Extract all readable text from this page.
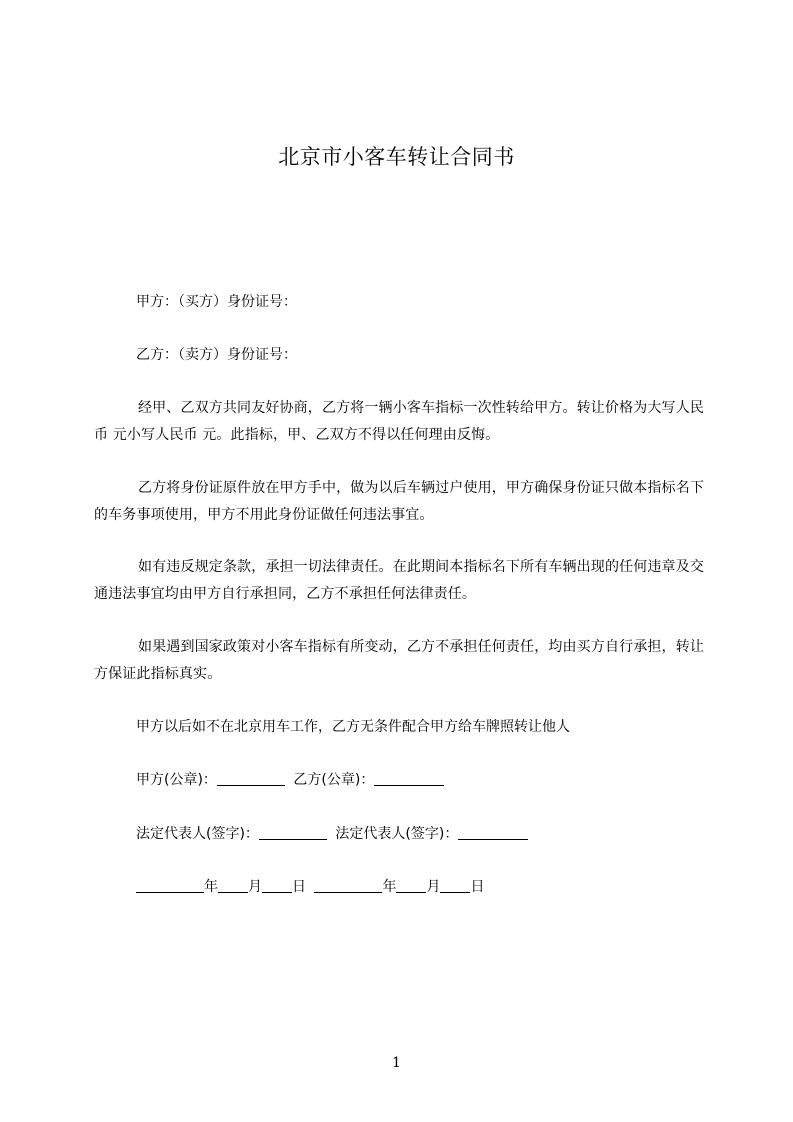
北京市小客车转让合同书
甲方：（买方）身份证号：
乙方：（卖方）身份证号：
经甲、乙双方共同友好协商，乙方将一辆小客车指标一次性转给甲方。转让价格为大写人民币 元小写人民币 元。此指标，甲、乙双方不得以任何理由反悔。
乙方将身份证原件放在甲方手中，做为以后车辆过户使用，甲方确保身份证只做本指标名下的车务事项使用，甲方不用此身份证做任何违法事宜。
如有违反规定条款，承担一切法律责任。在此期间本指标名下所有车辆出现的任何违章及交通违法事宜均由甲方自行承担同，乙方不承担任何法律责任。
如果遇到国家政策对小客车指标有所变动，乙方不承担任何责任，均由买方自行承担，转让方保证此指标真实。
甲方以后如不在北京用车工作，乙方无条件配合甲方给车牌照转让他人
甲方(公章)：	乙方(公章)：
法定代表人(签字)：	法定代表人(签字)：
年 月 日	年 月 日
1
